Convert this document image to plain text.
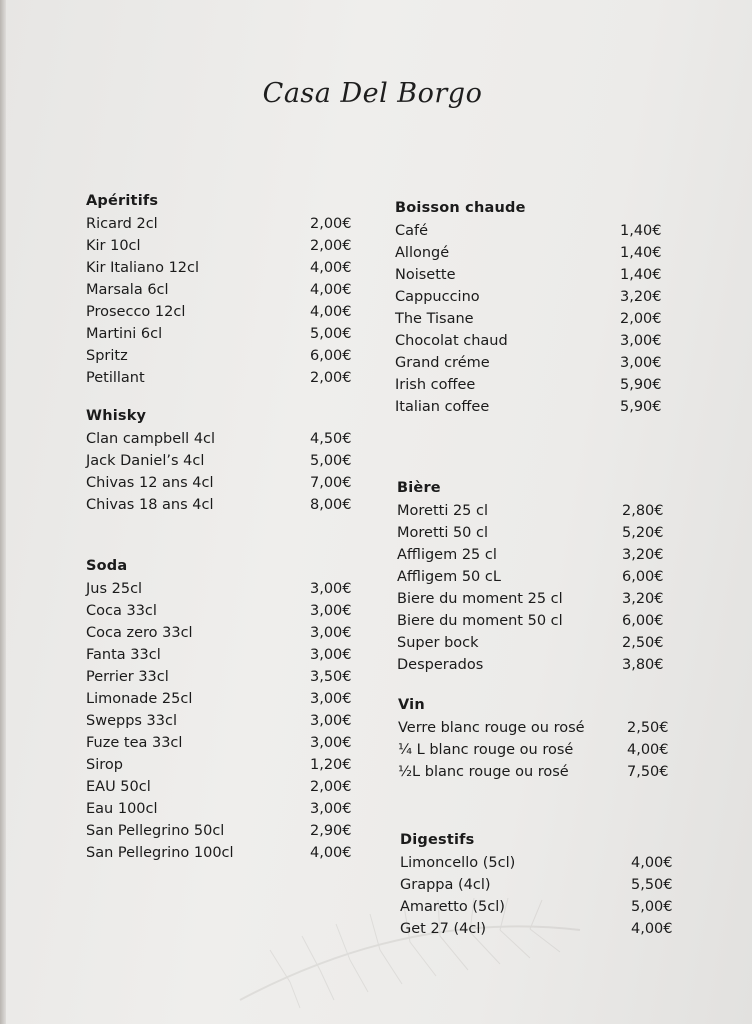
Casa Del Borgo
Apéritifs
Ricard 2cl	2,00€
Kir 10cl	2,00€
Kir Italiano 12cl	4,00€
Marsala 6cl	4,00€
Prosecco 12cl	4,00€
Martini 6cl	5,00€
Spritz	6,00€
Petillant	2,00€
Whisky
Clan campbell 4cl	4,50€
Jack Daniel’s 4cl	5,00€
Chivas 12 ans 4cl	7,00€
Chivas 18 ans 4cl	8,00€
Soda
Jus 25cl	3,00€
Coca 33cl	3,00€
Coca zero 33cl	3,00€
Fanta 33cl	3,00€
Perrier 33cl	3,50€
Limonade 25cl	3,00€
Swepps 33cl	3,00€
Fuze tea 33cl	3,00€
Sirop	1,20€
EAU 50cl	2,00€
Eau 100cl	3,00€
San Pellegrino 50cl	2,90€
San Pellegrino 100cl	4,00€
Boisson chaude
Café	1,40€
Allongé	1,40€
Noisette	1,40€
Cappuccino	3,20€
The Tisane	2,00€
Chocolat chaud	3,00€
Grand créme	3,00€
Irish coffee	5,90€
Italian coffee	5,90€
Bière
Moretti 25 cl	2,80€
Moretti 50 cl	5,20€
Affligem 25 cl	3,20€
Affligem 50 cL	6,00€
Biere du moment 25 cl	3,20€
Biere du moment 50 cl	6,00€
Super bock	2,50€
Desperados	3,80€
Vin
Verre blanc rouge ou rosé	2,50€
¼ L blanc rouge ou rosé	4,00€
½L blanc rouge ou rosé	7,50€
Digestifs
Limoncello (5cl)	4,00€
Grappa (4cl)	5,50€
Amaretto (5cl)	5,00€
Get 27 (4cl)	4,00€
